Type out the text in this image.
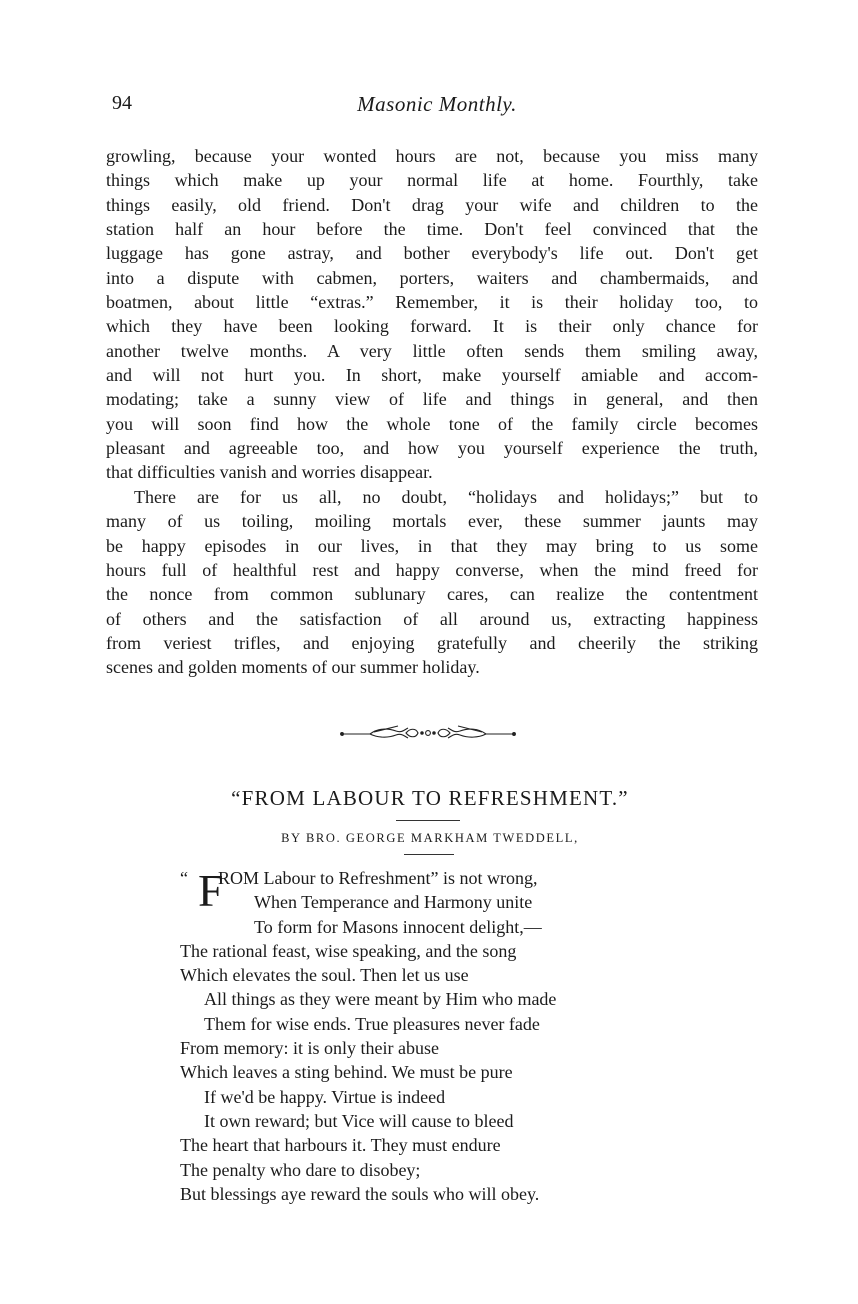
94	Masonic Monthly.
growling, because your wonted hours are not, because you miss many
things which make up your normal life at home. Fourthly, take
things easily, old friend. Don't drag your wife and children to the
station half an hour before the time. Don't feel convinced that the
luggage has gone astray, and bother everybody's life out. Don't get
into a dispute with cabmen, porters, waiters and chambermaids, and
boatmen, about little “extras.” Remember, it is their holiday too, to
which they have been looking forward. It is their only chance for
another twelve months. A very little often sends them smiling away,
and will not hurt you. In short, make yourself amiable and accom-
modating; take a sunny view of life and things in general, and then
you will soon find how the whole tone of the family circle becomes
pleasant and agreeable too, and how you yourself experience the truth,
that difficulties vanish and worries disappear.
There are for us all, no doubt, “holidays and holidays;” but to
many of us toiling, moiling mortals ever, these summer jaunts may
be happy episodes in our lives, in that they may bring to us some
hours full of healthful rest and happy converse, when the mind freed for
the nonce from common sublunary cares, can realize the contentment
of others and the satisfaction of all around us, extracting happiness
from veriest trifles, and enjoying gratefully and cheerily the striking
scenes and golden moments of our summer holiday.
“FROM LABOUR TO REFRESHMENT.”
BY BRO. GEORGE MARKHAM TWEDDELL,
“ F
ROM Labour to Refreshment” is not wrong,
When Temperance and Harmony unite
To form for Masons innocent delight,—
The rational feast, wise speaking, and the song
Which elevates the soul. Then let us use
All things as they were meant by Him who made
Them for wise ends. True pleasures never fade
From memory: it is only their abuse
Which leaves a sting behind. We must be pure
If we'd be happy. Virtue is indeed
It own reward; but Vice will cause to bleed
The heart that harbours it. They must endure
The penalty who dare to disobey;
But blessings aye reward the souls who will obey.
